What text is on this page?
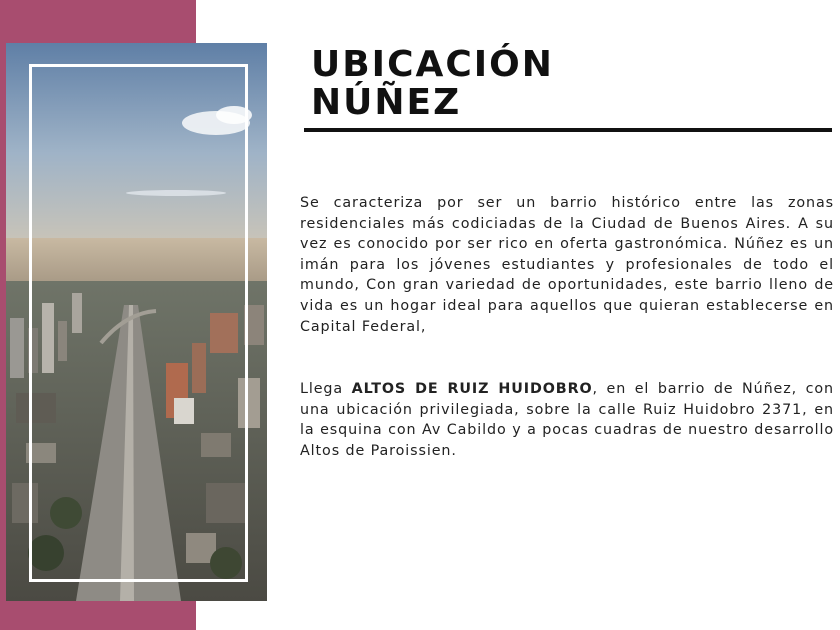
UBICACIÓN
NÚÑEZ

Se caracteriza por ser un barrio histórico entre las zonas residenciales más codiciadas de la Ciudad de Buenos Aires. A su vez es conocido por ser rico en oferta gastronómica. Núñez es un imán para los jóvenes estudiantes y profesionales de todo el mundo, Con gran variedad de oportunidades, este barrio lleno de vida es un hogar ideal para aquellos que quieran establecerse en Capital Federal,

Llega ALTOS DE RUIZ HUIDOBRO, en el barrio de Núñez, con una ubicación privilegiada, sobre la calle Ruiz Huidobro 2371, en la esquina con Av Cabildo y a pocas cuadras de nuestro desarrollo Altos de Paroissien.
